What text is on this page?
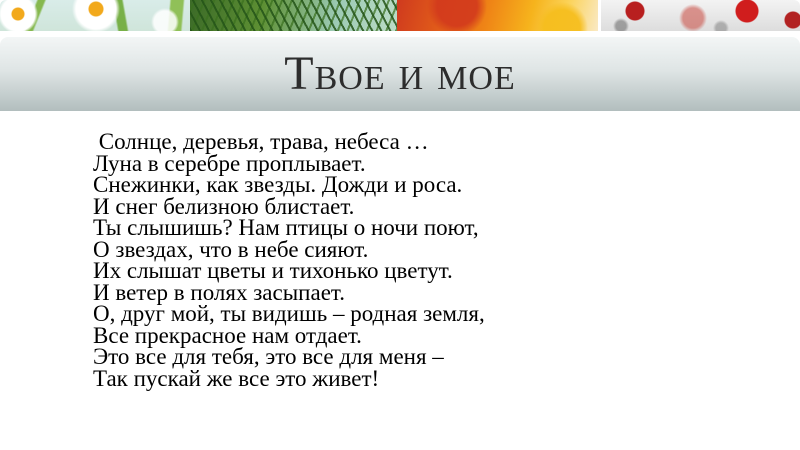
Твое и мое
Солнце, деревья, трава, небеса …
Луна в серебре проплывает.
Снежинки, как звезды. Дожди и роса.
И снег белизною блистает.
Ты слышишь? Нам птицы о ночи поют,
О звездах, что в небе сияют.
Их слышат цветы и тихонько цветут.
И ветер в полях засыпает.
О, друг мой, ты видишь – родная земля,
Все прекрасное нам отдает.
Это все для тебя, это все для меня –
Так пускай же все это живет!
